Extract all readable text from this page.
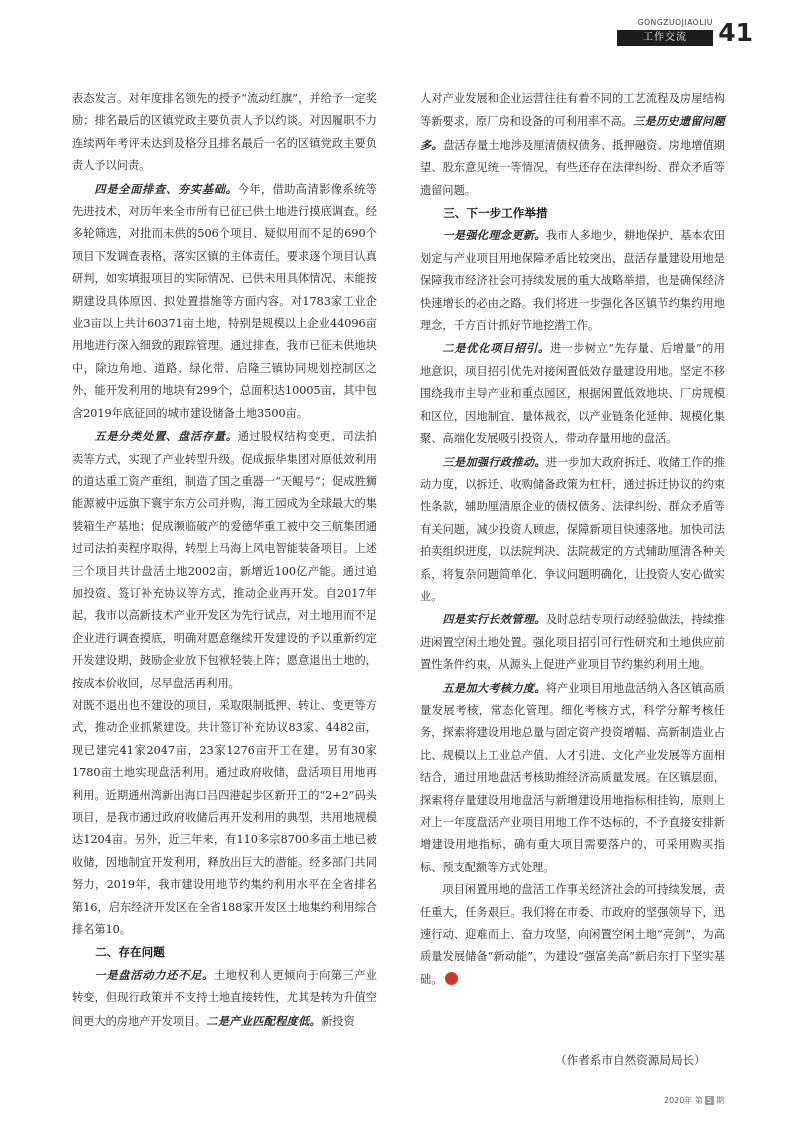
GONGZUOJIAOLIU
工作交流	41

表态发言。对年度排名领先的授予“流动红旗”，并给予一定奖励；排名最后的区镇党政主要负责人予以约谈。对因履职不力连续两年考评未达到及格分且排名最后一名的区镇党政主要负责人予以问责。

四是全面排查、夯实基础。今年，借助高清影像系统等先进技术，对历年来全市所有已征已供土地进行摸底调查。经多轮筛选，对批而未供的506个项目、疑似用而不足的690个项目下发调查表格，落实区镇的主体责任。要求逐个项目认真研判，如实填报项目的实际情况、已供未用具体情况、未能按期建设具体原因、拟处置措施等方面内容。对1783家工业企业3亩以上共计60371亩土地，特别是规模以上企业44096亩用地进行深入细致的跟踪管理。通过排查，我市已征未供地块中，除边角地、道路、绿化带、启隆三镇协同规划控制区之外，能开发利用的地块有299个，总面积达10005亩，其中包含2019年底征回的城市建设储备土地3500亩。

五是分类处置、盘活存量。通过股权结构变更、司法拍卖等方式，实现了产业转型升级。促成振华集团对原低效利用的道达重工资产重组，制造了国之重器一“天鲲号”；促成胜狮能源被中远旗下寰宇东方公司并购，海工园成为全球最大的集装箱生产基地；促成濒临破产的爱德华重工被中交三航集团通过司法拍卖程序取得，转型上马海上风电智能装备项目。上述三个项目共计盘活土地2002亩，新增近100亿产能。通过追加投资、签订补充协议等方式，推动企业再开发。自2017年起，我市以高新技术产业开发区为先行试点，对土地用而不足企业进行调查摸底，明确对愿意继续开发建设的予以重新约定开发建设期，鼓励企业放下包袱轻装上阵；愿意退出土地的，按成本价收回，尽早盘活再利用。

对既不退出也不建设的项目，采取限制抵押、转让、变更等方式，推动企业抓紧建设。共计签订补充协议83家、4482亩，现已建完41家2047亩，23家1276亩开工在建，另有30家1780亩土地实现盘活利用。通过政府收储，盘活项目用地再利用。近期通州湾新出海口吕四港起步区新开工的“2+2”码头项目，是我市通过政府收储后再开发利用的典型，共用地规模达1204亩。另外，近三年来，有110多宗8700多亩土地已被收储，因地制宜开发利用，释放出巨大的潜能。经多部门共同努力，2019年，我市建设用地节约集约利用水平在全省排名第16，启东经济开发区在全省188家开发区土地集约利用综合排名第10。

二、存在问题

一是盘活动力还不足。土地权利人更倾向于向第三产业转变，但现行政策并不支持土地直接转性，尤其是转为升值空间更大的房地产开发项目。二是产业匹配程度低。新投资

人对产业发展和企业运营往往有着不同的工艺流程及房屋结构等新要求，原厂房和设备的可利用率不高。三是历史遗留问题多。盘活存量土地涉及厘清债权债务、抵押融资、房地增值期望、股东意见统一等情况，有些还存在法律纠纷、群众矛盾等遗留问题。

三、下一步工作举措

一是强化理念更新。我市人多地少，耕地保护、基本农田划定与产业项目用地保障矛盾比较突出，盘活存量建设用地是保障我市经济社会可持续发展的重大战略举措，也是确保经济快速增长的必由之路。我们将进一步强化各区镇节约集约用地理念，千方百计抓好节地挖潜工作。

二是优化项目招引。进一步树立“先存量、后增量”的用地意识，项目招引优先对接闲置低效存量建设用地。坚定不移围绕我市主导产业和重点园区，根据闲置低效地块、厂房规模和区位，因地制宜、量体裁衣，以产业链条化延伸、规模化集聚、高端化发展吸引投资人，带动存量用地的盘活。

三是加强行政推动。进一步加大政府拆迁、收储工作的推动力度，以拆迁、收购储备政策为杠杆，通过拆迁协议的约束性条款，辅助厘清原企业的债权债务、法律纠纷、群众矛盾等有关问题，减少投资人顾虑，保障新项目快速落地。加快司法拍卖组织进度，以法院判决、法院裁定的方式辅助厘清各种关系，将复杂问题简单化、争议问题明确化，让投资人安心做实业。

四是实行长效管理。及时总结专项行动经验做法，持续推进闲置空闲土地处置。强化项目招引可行性研究和土地供应前置性条件约束，从源头上促进产业项目节约集约利用土地。

五是加大考核力度。将产业项目用地盘活纳入各区镇高质量发展考核，常态化管理。细化考核方式，科学分解考核任务，探索将建设用地总量与固定资产投资增幅、高新制造业占比、规模以上工业总产值、人才引进、文化产业发展等方面相结合，通过用地盘活考核助推经济高质量发展。在区镇层面，探索将存量建设用地盘活与新增建设用地指标相挂钩，原则上对上一年度盘活产业项目用地工作不达标的，不予直接安排新增建设用地指标，确有重大项目需要落户的，可采用购买指标、预支配额等方式处理。

项目闲置用地的盘活工作事关经济社会的可持续发展，责任重大，任务艰巨。我们将在市委、市政府的坚强领导下，迅速行动、迎难而上、奋力攻坚，向闲置空闲土地“亮剑”，为高质量发展储备“新动能”，为建设“强富美高”新启东打下坚实基础。

（作者系市自然资源局局长）
2020年 第 5 期
